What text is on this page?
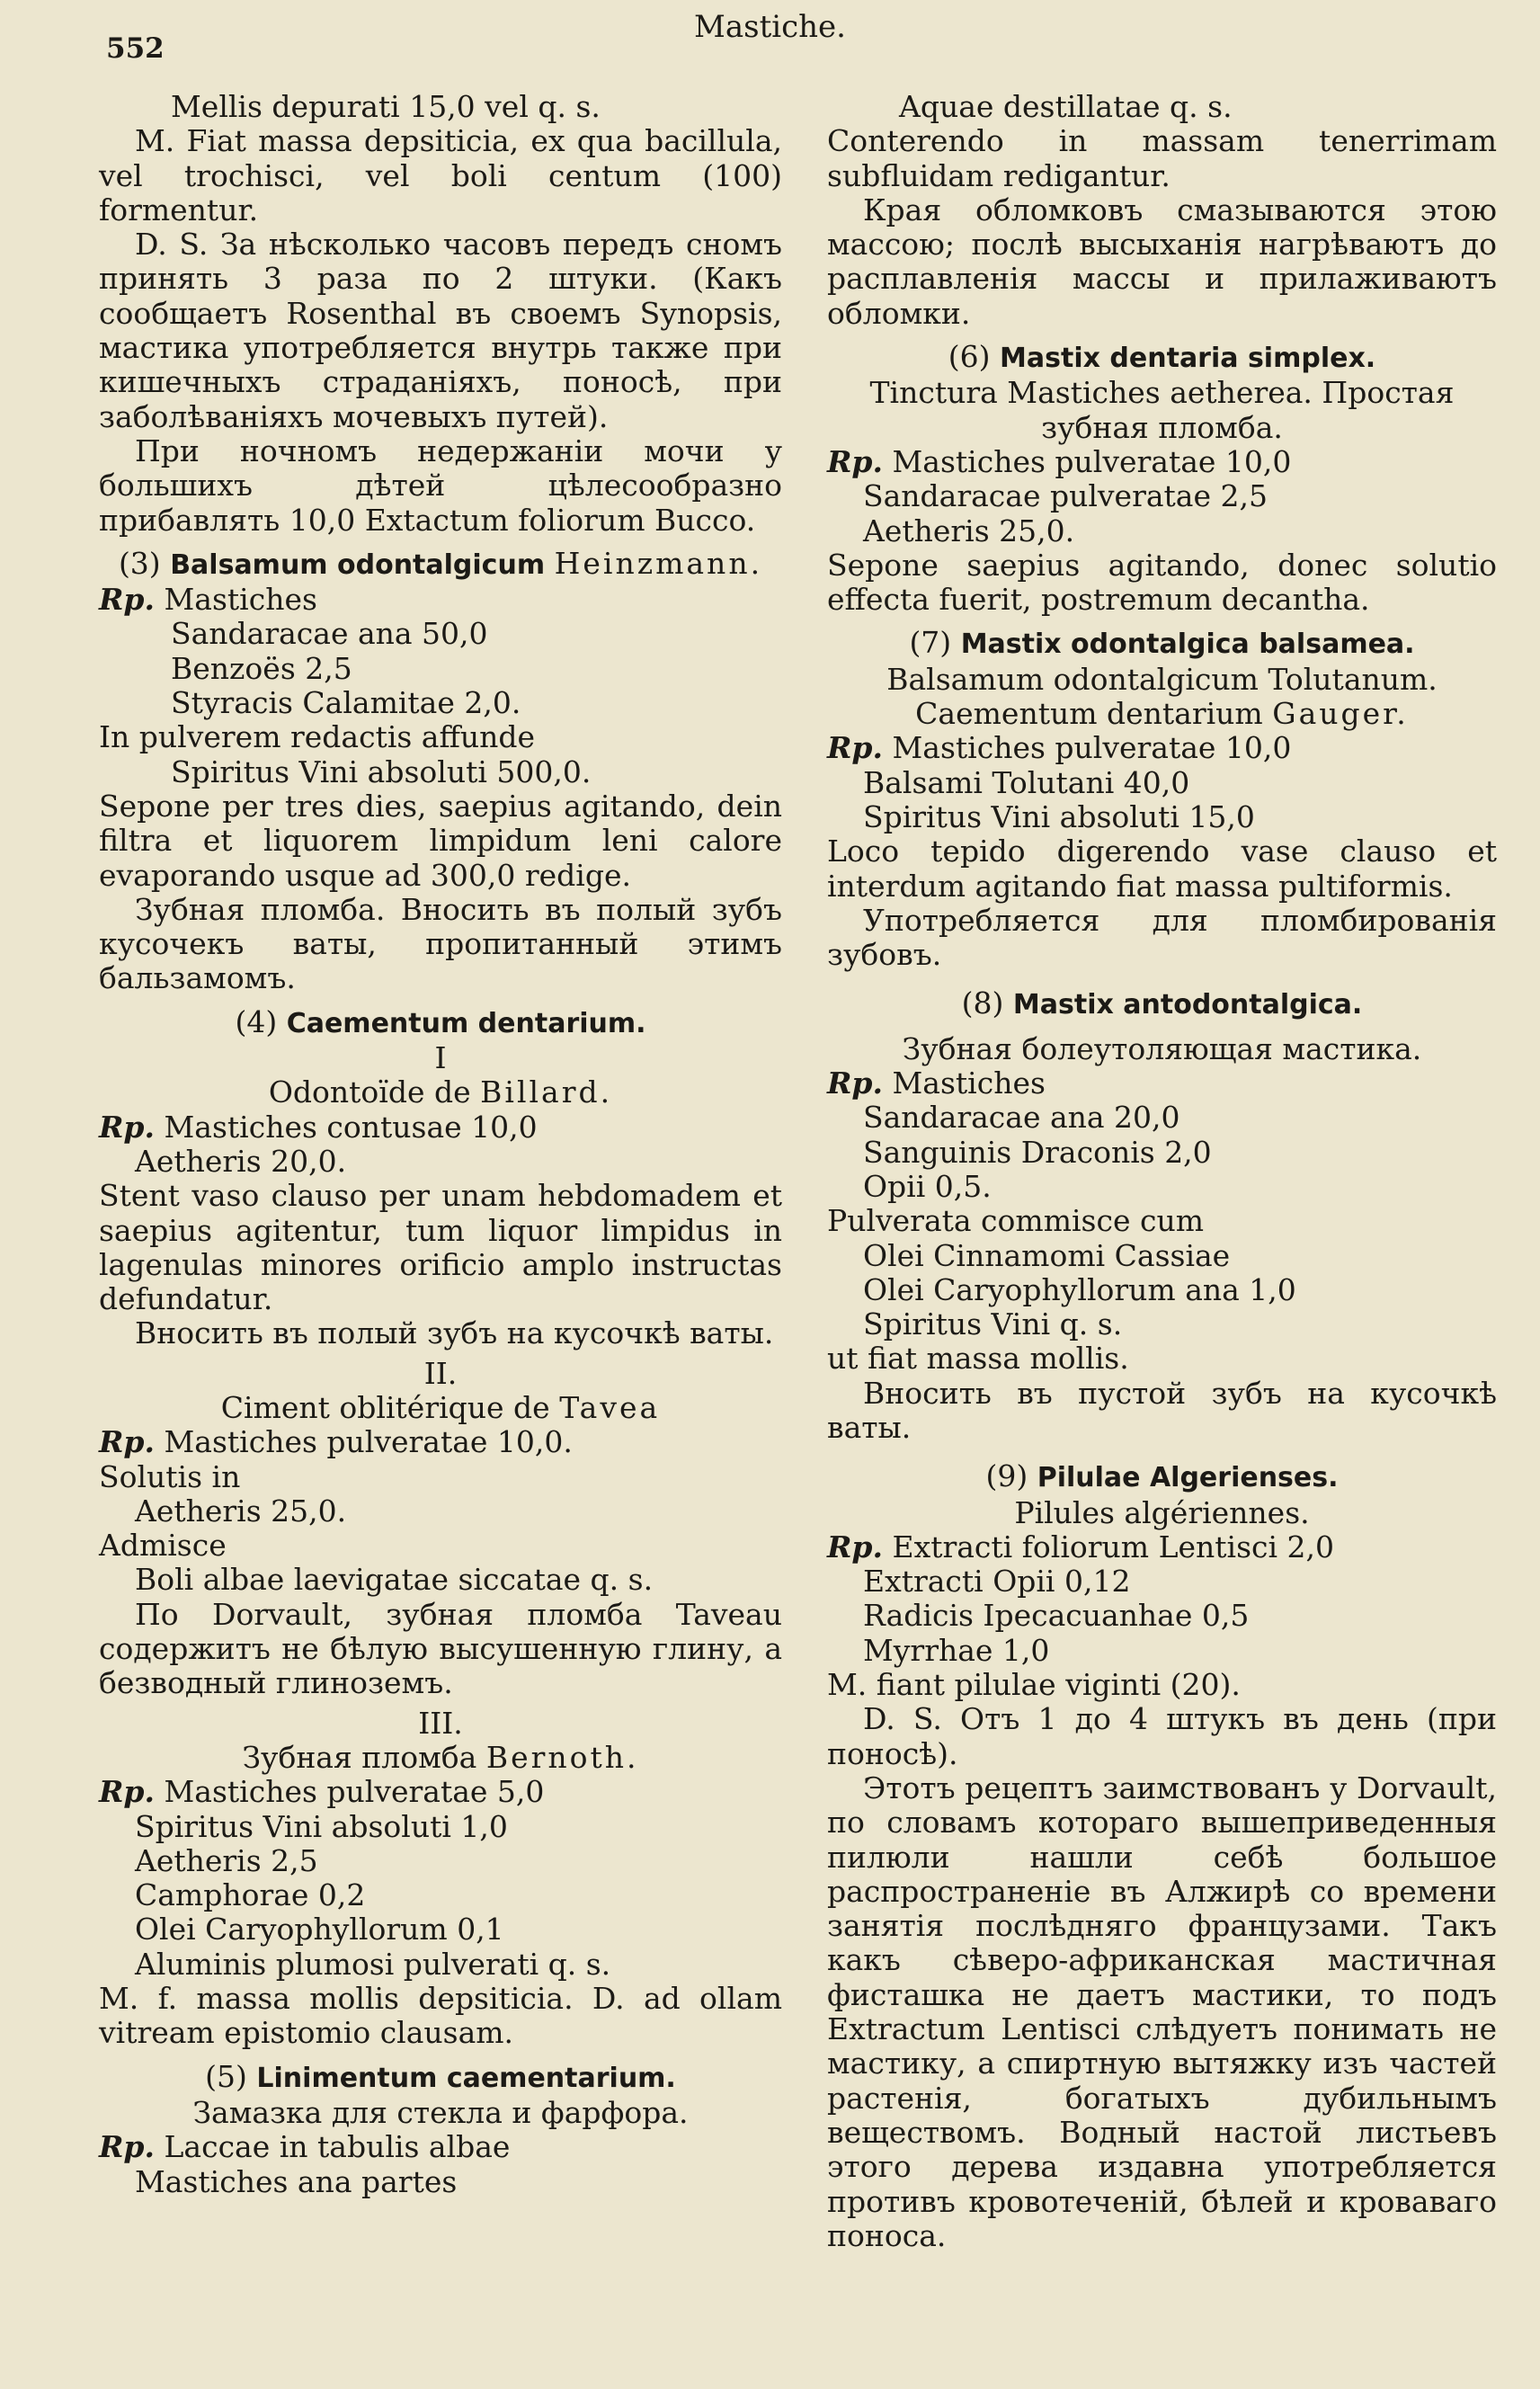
552
Mastiche.

Mellis depurati 15,0 vel q. s.

M. Fiat massa depsiticia, ex qua bacillula, vel trochisci, vel boli centum (100) formentur.

D. S. За нѣсколько часовъ передъ сномъ принять 3 раза по 2 штуки. (Какъ сообщаетъ Rosenthal въ своемъ Synopsis, мастика употребляется внутрь также при кишечныхъ страданіяхъ, поносѣ, при заболѣваніяхъ мочевыхъ путей).

При ночномъ недержаніи мочи у большихъ дѣтей цѣлесообразно прибавлять 10,0 Extactum foliorum Bucco.

(3) Balsamum odontalgicum Heinzmann.

Rp. Mastiches

Sandaracae ana 50,0

Benzoës 2,5

Styracis Calamitae 2,0.

In pulverem redactis affunde

Spiritus Vini absoluti 500,0.

Sepone per tres dies, saepius agitando, dein filtra et liquorem limpidum leni calore evaporando usque ad 300,0 redige.

Зубная пломба. Вносить въ полый зубъ кусочекъ ваты, пропитанный этимъ бальзамомъ.

(4) Caementum dentarium.

I

Odontoïde de Billard.

Rp. Mastiches contusae 10,0

Aetheris 20,0.

Stent vaso clauso per unam hebdomadem et saepius agitentur, tum liquor limpidus in lagenulas minores orificio amplo instructas defundatur.

Вносить въ полый зубъ на кусочкѣ ваты.

II.

Ciment oblitérique de Tavea

Rp. Mastiches pulveratae 10,0.

Solutis in

Aetheris 25,0.

Admisce

Boli albae laevigatae siccatae q. s.

По Dorvault, зубная пломба Taveau содержитъ не бѣлую высушенную глину, а безводный глиноземъ.

III.

Зубная пломба Bernoth.

Rp. Mastiches pulveratae 5,0

Spiritus Vini absoluti 1,0

Aetheris 2,5

Camphorae 0,2

Olei Caryophyllorum 0,1

Aluminis plumosi pulverati q. s.

M. f. massa mollis depsiticia. D. ad ollam vitream epistomio clausam.

(5) Linimentum caementarium.

Замазка для стекла и фарфора.

Rp. Laccae in tabulis albae

Mastiches ana partes

Aquae destillatae q. s.

Conterendo in massam tenerrimam subfluidam redigantur.

Края обломковъ смазываются этою массою; послѣ высыханія нагрѣваютъ до расплавленія массы и прилаживаютъ обломки.

(6) Mastix dentaria simplex.

Tinctura Mastiches aetherea. Простая зубная пломба.

Rp. Mastiches pulveratae 10,0

Sandaracae pulveratae 2,5

Aetheris 25,0.

Sepone saepius agitando, donec solutio effecta fuerit, postremum decantha.

(7) Mastix odontalgica balsamea.

Balsamum odontalgicum Tolutanum. Caementum dentarium Gauger.

Rp. Mastiches pulveratae 10,0

Balsami Tolutani 40,0

Spiritus Vini absoluti 15,0

Loco tepido digerendo vase clauso et interdum agitando fiat massa pultiformis.

Употребляется для пломбированія зубовъ.

(8) Mastix antodontalgica.

Зубная болеутоляющая мастика.

Rp. Mastiches

Sandaracae ana 20,0

Sanguinis Draconis 2,0

Opii 0,5.

Pulverata commisce cum

Olei Cinnamomi Cassiae

Olei Caryophyllorum ana 1,0

Spiritus Vini q. s.

ut fiat massa mollis.

Вносить въ пустой зубъ на кусочкѣ ваты.

(9) Pilulae Algerienses.

Pilules algériennes.

Rp. Extracti foliorum Lentisci 2,0

Extracti Opii 0,12

Radicis Ipecacuanhae 0,5

Myrrhae 1,0

M. fiant pilulae viginti (20).

D. S. Отъ 1 до 4 штукъ въ день (при поносѣ).

Этотъ рецептъ заимствованъ у Dorvault, по словамъ котораго вышеприведенныя пилюли нашли себѣ большое распространеніе въ Алжирѣ со времени занятія послѣдняго французами. Такъ какъ сѣверо-африканская мастичная фисташка не даетъ мастики, то подъ Extractum Lentisci слѣдуетъ понимать не мастику, а спиртную вытяжку изъ частей растенія, богатыхъ дубильнымъ веществомъ. Водный настой листьевъ этого дерева издавна употребляется противъ кровотеченій, бѣлей и кроваваго поноса.
